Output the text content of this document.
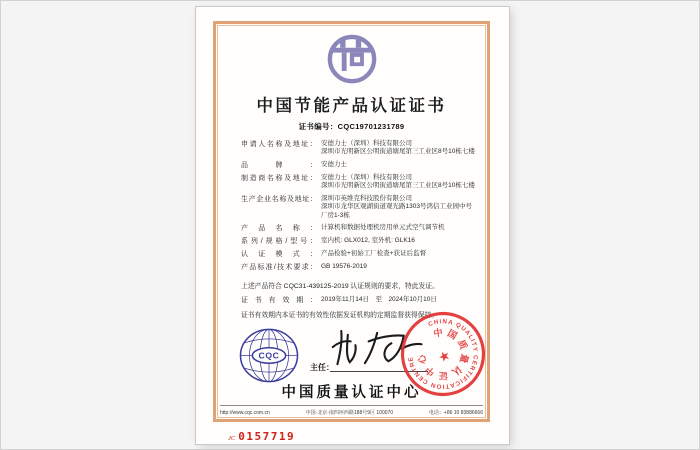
中国节能产品认证证书
证书编号：CQC19701231789
申请人名称及地址： 安德力士（深圳）科技有限公司
深圳市光明新区公明街道塘尾第三工业区8号10栋七楼
品牌： 安德力士
制造商名称及地址： 安德力士（深圳）科技有限公司
深圳市光明新区公明街道塘尾第三工业区8号10栋七楼
生产企业名称及地址： 深圳市英维克科技股份有限公司
深圳市龙华区观湖街道观光路1303号鸿信工业园中号厂房1-3栋
产品名称： 计算机和数据处理机房用单元式空气调节机
系列/规格/型号： 室内机: GLX012, 室外机: GLK16
认证模式： 产品检验+初始工厂检查+获证后监督
产品标准/技术要求： GB 19576-2019
上述产品符合 CQC31-439125-2019 认证规则的要求，特此发证。
证书有效期： 2019年11月14日　至　2024年10月10日
证书有效期内本证书的有效性依据发证机构的定期监督获得保持。
CQC
主任：
CHINA QUALITY CERTIFICATION CENTRE
中国质量认证中心 ★
中国质量认证中心
http://www.cqc.com.cn	中国·北京·南四环西路188号9区 100070	电话：+86 10 83886666
JC 0157719
